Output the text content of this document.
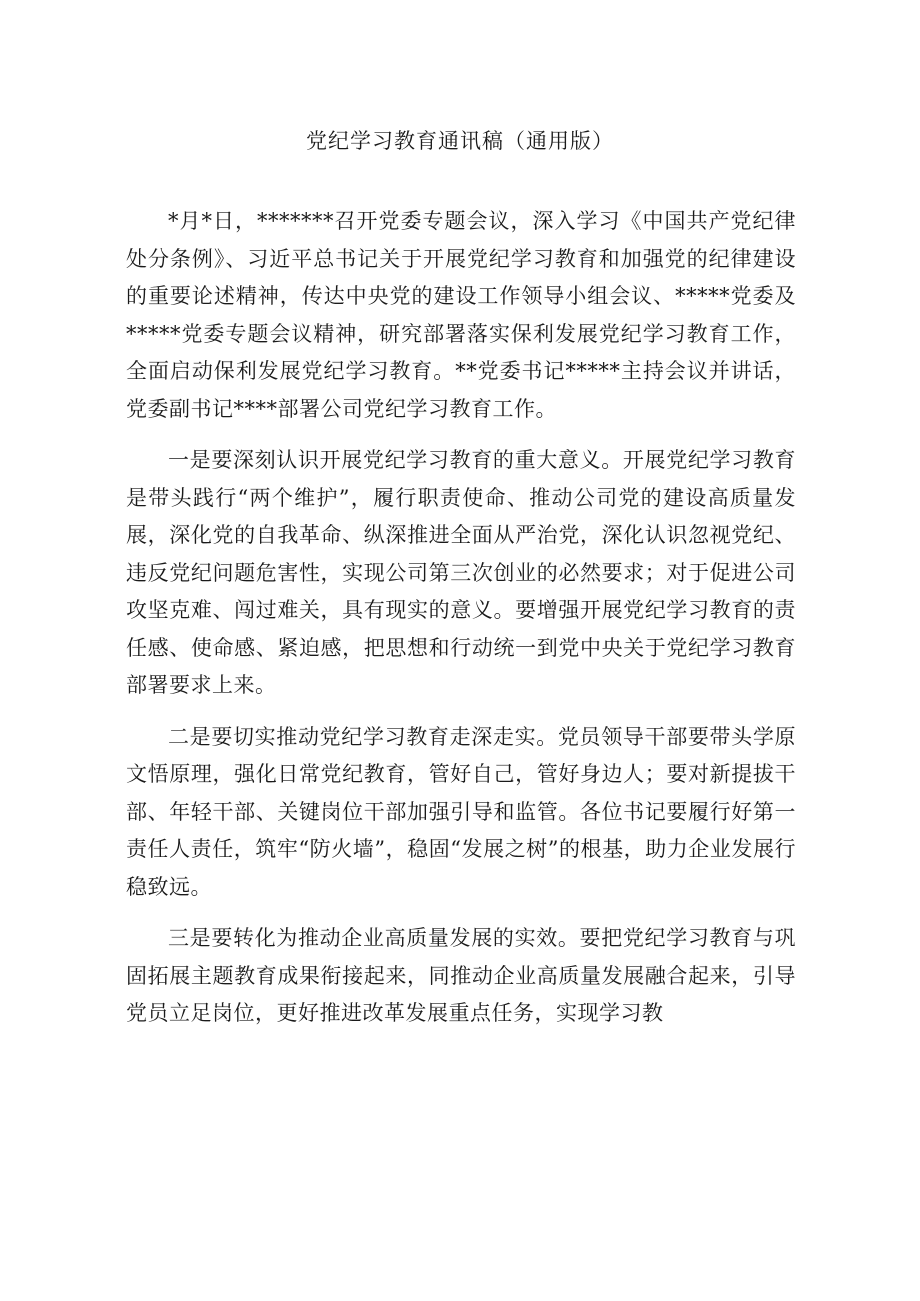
党纪学习教育通讯稿（通用版）

*月*日，*******召开党委专题会议，深入学习《中国共产党纪律处分条例》、习近平总书记关于开展党纪学习教育和加强党的纪律建设的重要论述精神，传达中央党的建设工作领导小组会议、*****党委及*****党委专题会议精神，研究部署落实保利发展党纪学习教育工作，全面启动保利发展党纪学习教育。**党委书记*****主持会议并讲话，党委副书记****部署公司党纪学习教育工作。

一是要深刻认识开展党纪学习教育的重大意义。开展党纪学习教育是带头践行“两个维护”，履行职责使命、推动公司党的建设高质量发展，深化党的自我革命、纵深推进全面从严治党，深化认识忽视党纪、违反党纪问题危害性，实现公司第三次创业的必然要求；对于促进公司攻坚克难、闯过难关，具有现实的意义。要增强开展党纪学习教育的责任感、使命感、紧迫感，把思想和行动统一到党中央关于党纪学习教育部署要求上来。

二是要切实推动党纪学习教育走深走实。党员领导干部要带头学原文悟原理，强化日常党纪教育，管好自己，管好身边人；要对新提拔干部、年轻干部、关键岗位干部加强引导和监管。各位书记要履行好第一责任人责任，筑牢“防火墙”，稳固“发展之树”的根基，助力企业发展行稳致远。

三是要转化为推动企业高质量发展的实效。要把党纪学习教育与巩固拓展主题教育成果衔接起来，同推动企业高质量发展融合起来，引导党员立足岗位，更好推进改革发展重点任务，实现学习教
